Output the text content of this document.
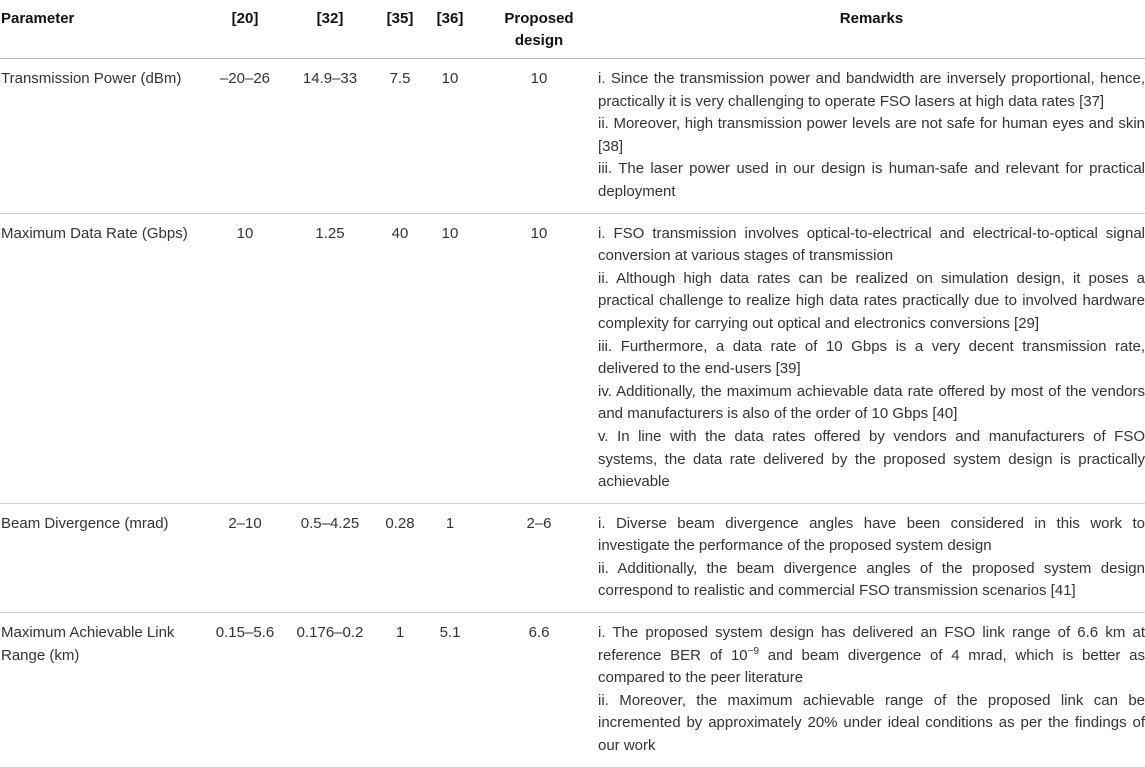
Parameter	[20]	[32]	[35]	[36]	Proposed design	Remarks
Transmission Power (dBm)	–20–26	14.9–33	7.5	10	10	i. Since the transmission power and bandwidth are inversely proportional, hence, practically it is very challenging to operate FSO lasers at high data rates [37]
ii. Moreover, high transmission power levels are not safe for human eyes and skin [38]
iii. The laser power used in our design is human-safe and relevant for practical deployment

Maximum Data Rate (Gbps)	10	1.25	40	10	10	i. FSO transmission involves optical-to-electrical and electrical-to-optical signal conversion at various stages of transmission
ii. Although high data rates can be realized on simulation design, it poses a practical challenge to realize high data rates practically due to involved hardware complexity for carrying out optical and electronics conversions [29]
iii. Furthermore, a data rate of 10 Gbps is a very decent transmission rate, delivered to the end-users [39]
iv. Additionally, the maximum achievable data rate offered by most of the vendors and manufacturers is also of the order of 10 Gbps [40]
v. In line with the data rates offered by vendors and manufacturers of FSO systems, the data rate delivered by the proposed system design is practically achievable

Beam Divergence (mrad)	2–10	0.5–4.25	0.28	1	2–6	i. Diverse beam divergence angles have been considered in this work to investigate the performance of the proposed system design
ii. Additionally, the beam divergence angles of the proposed system design correspond to realistic and commercial FSO transmission scenarios [41]

Maximum Achievable Link Range (km)	0.15–5.6	0.176–0.2	1	5.1	6.6	i. The proposed system design has delivered an FSO link range of 6.6 km at reference BER of $10^{-9}$ and beam divergence of 4 mrad, which is better as compared to the peer literature
ii. Moreover, the maximum achievable range of the proposed link can be incremented by approximately 20% under ideal conditions as per the findings of our work
